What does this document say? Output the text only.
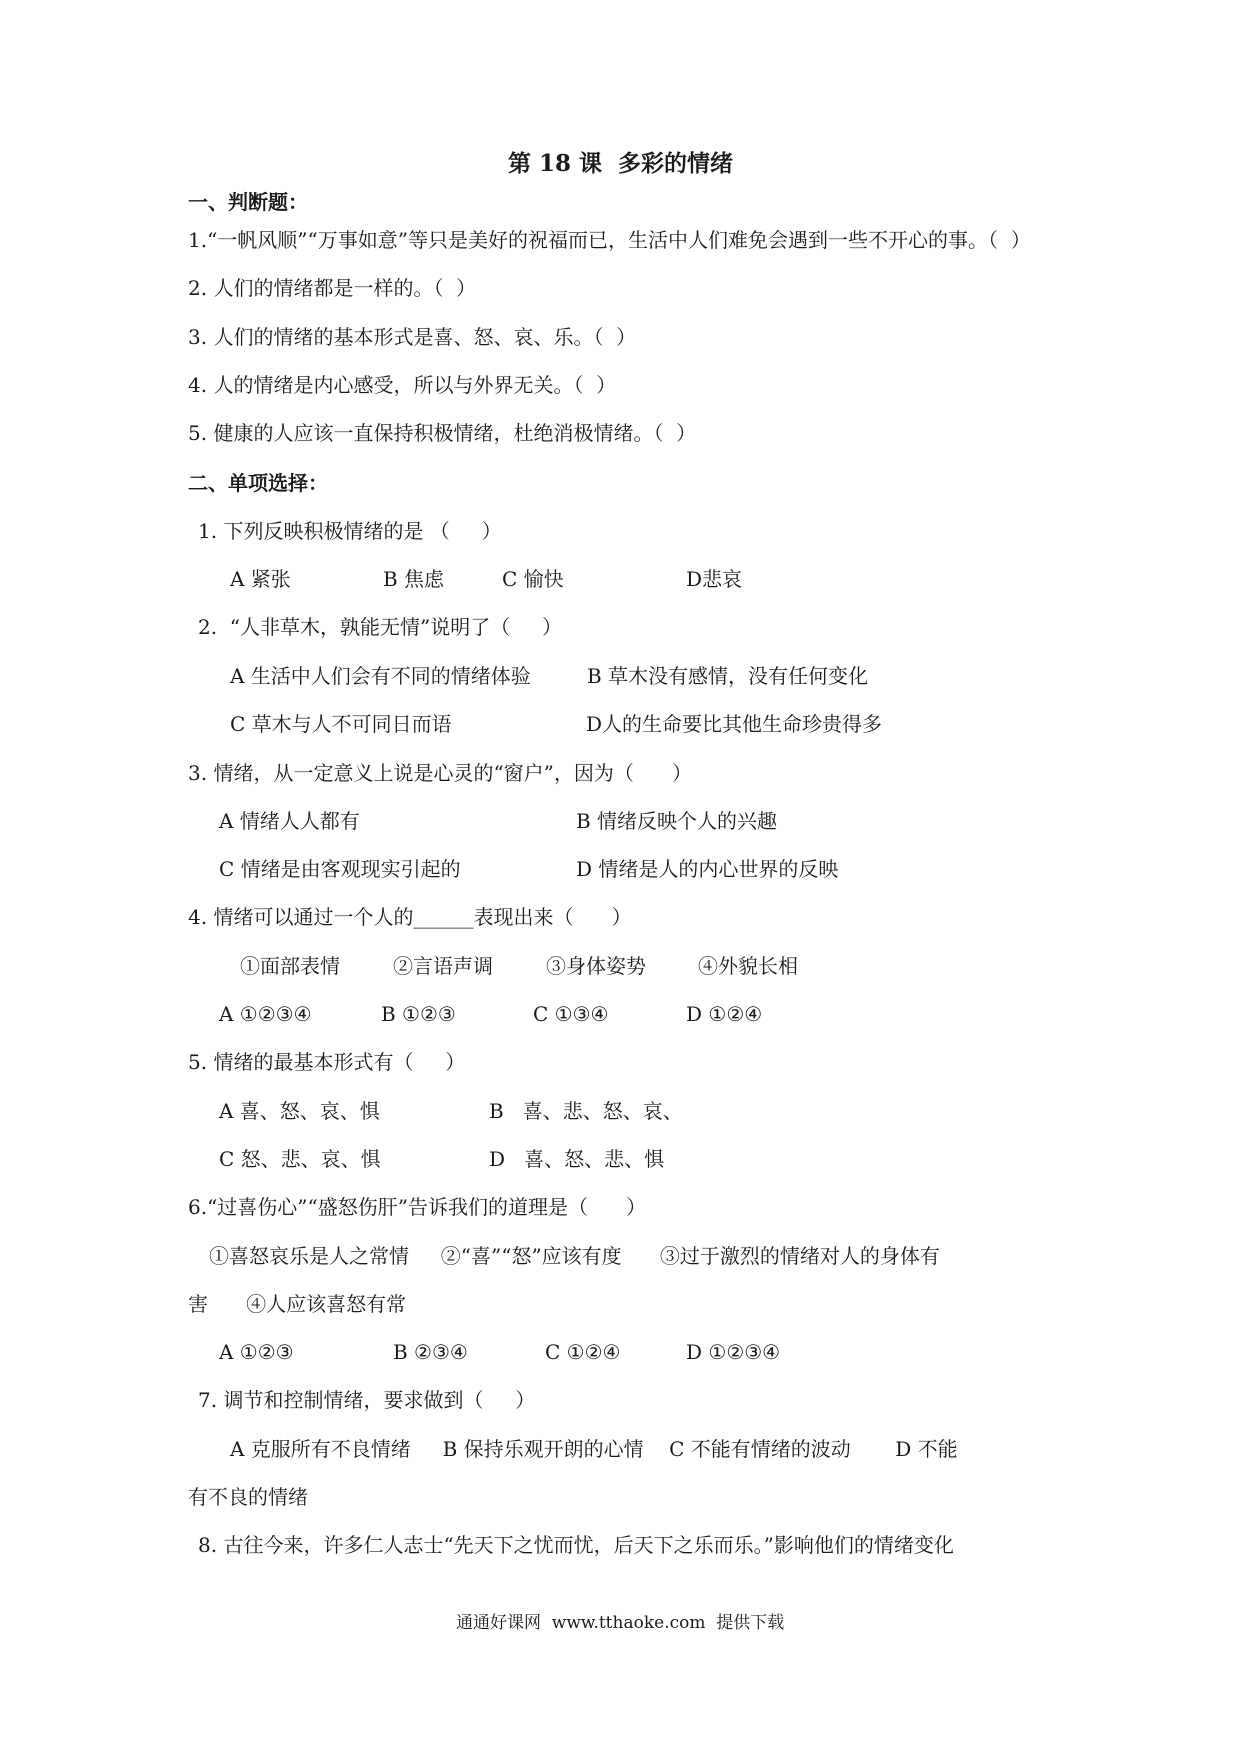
第 18 课  多彩的情绪
一、判断题：
1.“一帆风顺”“万事如意”等只是美好的祝福而已，生活中人们难免会遇到一些不开心的事。（  ）
2. 人们的情绪都是一样的。（  ）
3. 人们的情绪的基本形式是喜、怒、哀、乐。（  ）
4. 人的情绪是内心感受，所以与外界无关。（  ）
5. 健康的人应该一直保持积极情绪，杜绝消极情绪。（  ）
二、单项选择：
1. 下列反映积极情绪的是 （     ）
A 紧张	B 焦虑	C 愉快	D悲哀
2.  “人非草木，孰能无情”说明了（     ）
A 生活中人们会有不同的情绪体验	B 草木没有感情，没有任何变化
C 草木与人不可同日而语	D人的生命要比其他生命珍贵得多
3. 情绪，从一定意义上说是心灵的“窗户”，因为（      ）
A 情绪人人都有	B 情绪反映个人的兴趣
C 情绪是由客观现实引起的	D 情绪是人的内心世界的反映
4. 情绪可以通过一个人的______表现出来（      ）
①面部表情	②言语声调	③身体姿势	④外貌长相
A ①②③④	B ①②③	C ①③④	D ①②④
5. 情绪的最基本形式有（     ）
A 喜、怒、哀、惧	B   喜、悲、怒、哀、
C 怒、悲、哀、惧	D   喜、怒、悲、惧
6.“过喜伤心”“盛怒伤肝”告诉我们的道理是（      ）
①喜怒哀乐是人之常情     ②“喜”“怒”应该有度      ③过于激烈的情绪对人的身体有
害      ④人应该喜怒有常
A ①②③	B ②③④	C ①②④	D ①②③④
7. 调节和控制情绪，要求做到（     ）
A 克服所有不良情绪     B 保持乐观开朗的心情    C 不能有情绪的波动       D 不能
有不良的情绪
8. 古往今来，许多仁人志士“先天下之忧而忧，后天下之乐而乐。”影响他们的情绪变化
通通好课网  www.tthaoke.com  提供下载
